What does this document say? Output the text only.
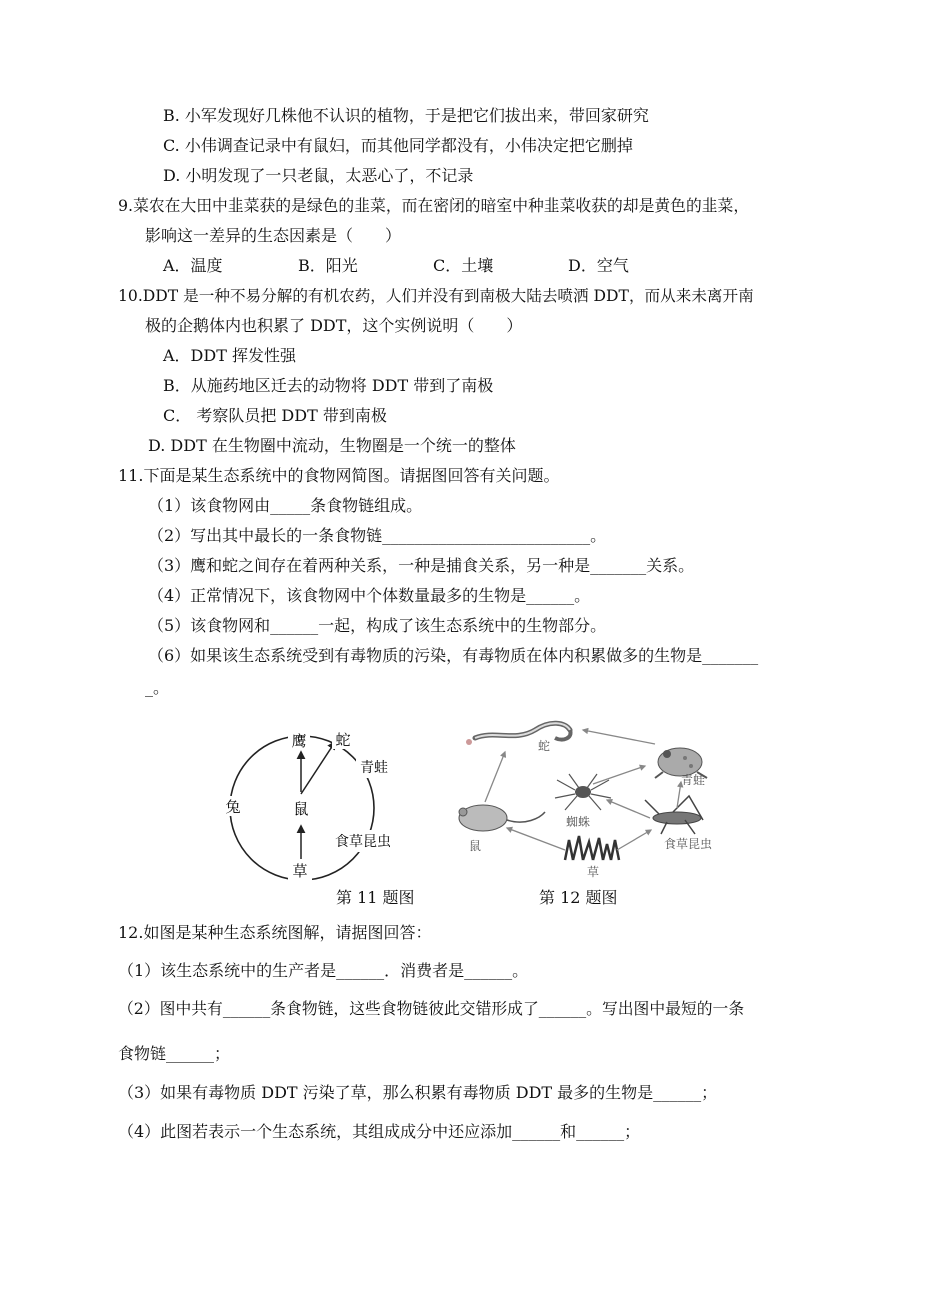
B. 小军发现好几株他不认识的植物，于是把它们拔出来，带回家研究
C. 小伟调查记录中有鼠妇，而其他同学都没有，小伟决定把它删掉
D. 小明发现了一只老鼠，太恶心了，不记录
9.菜农在大田中韭菜获的是绿色的韭菜，而在密闭的暗室中种韭菜收获的却是黄色的韭菜，
影响这一差异的生态因素是（　　）
A．温度	B．阳光	C．土壤	D．空气
10.DDT 是一种不易分解的有机农药，人们并没有到南极大陆去喷洒 DDT，而从来未离开南
极的企鹅体内也积累了 DDT，这个实例说明（　　）
A．DDT 挥发性强
B．从施药地区迁去的动物将 DDT 带到了南极
C． 考察队员把 DDT 带到南极
D. DDT 在生物圈中流动，生物圈是一个统一的整体
11.下面是某生态系统中的食物网简图。请据图回答有关问题。
（1）该食物网由_____条食物链组成。
（2）写出其中最长的一条食物链__________________________。
（3）鹰和蛇之间存在着两种关系，一种是捕食关系，另一种是_______关系。
（4）正常情况下，该食物网中个体数量最多的生物是______。
（5）该食物网和______一起，构成了该生态系统中的生物部分。
（6）如果该生态系统受到有毒物质的污染，有毒物质在体内积累做多的生物是_______
_。
鹰 蛇
青蛙
兔	鼠
食草昆虫
草
第 11 题图
蛇
青蛙
蜘蛛
鼠	食草昆虫
草
第 12 题图
12.如图是某种生态系统图解，请据图回答：
（1）该生态系统中的生产者是______．消费者是______。
（2）图中共有______条食物链，这些食物链彼此交错形成了______。写出图中最短的一条
食物链______；
（3）如果有毒物质 DDT 污染了草，那么积累有毒物质 DDT 最多的生物是______；
（4）此图若表示一个生态系统，其组成成分中还应添加______和______；
